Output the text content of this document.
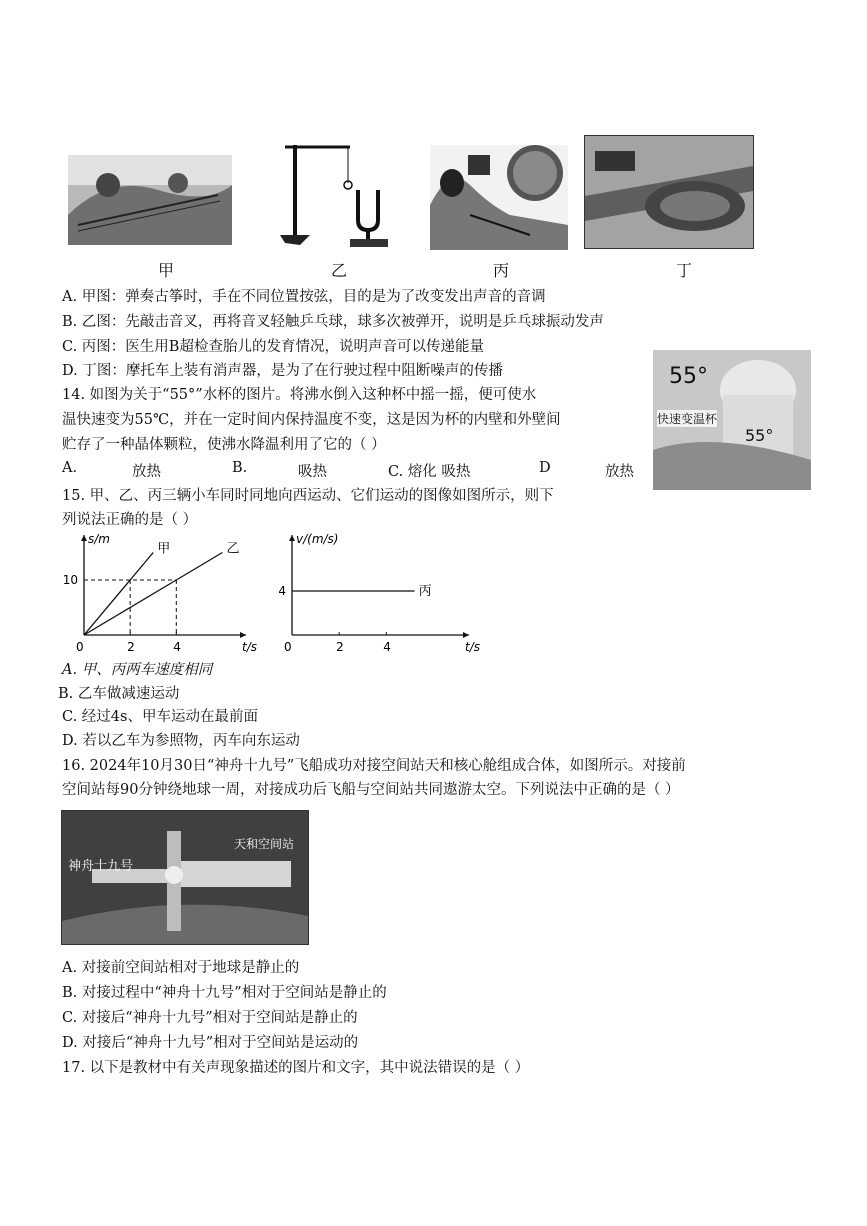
甲	乙	丙	丁
A. 甲图：弹奏古筝时，手在不同位置按弦，目的是为了改变发出声音的音调
B. 乙图：先敲击音叉，再将音叉轻触乒乓球，球多次被弹开，说明是乒乓球振动发声
C. 丙图：医生用B超检查胎儿的发育情况，说明声音可以传递能量
D. 丁图：摩托车上装有消声器，是为了在行驶过程中阻断噪声的传播
14. 如图为关于“55°”水杯的图片。将沸水倒入这种杯中摇一摇，便可使水
温快速变为55℃，并在一定时间内保持温度不变，这是因为杯的内壁和外壁间
贮存了一种晶体颗粒，使沸水降温利用了它的（ ）
55°
快速变温杯
55°
A.	放热	B.	吸热	C. 熔化 吸热	D	放热
15. 甲、乙、丙三辆小车同时同地向西运动、它们运动的图像如图所示，则下
列说法正确的是（ ）
t/s
s/m
0	2	4
10
甲	乙
t/s
v/(m/s)
0	2	4
4	丙
A. 甲、丙两车速度相同
B. 乙车做减速运动
C. 经过4s、甲车运动在最前面
D. 若以乙车为参照物，丙车向东运动
16. 2024年10月30日“神舟十九号”飞船成功对接空间站天和核心舱组成合体，如图所示。对接前
空间站每90分钟绕地球一周，对接成功后飞船与空间站共同遨游太空。下列说法中正确的是（ ）
神舟十九号
天和空间站
A. 对接前空间站相对于地球是静止的
B. 对接过程中“神舟十九号”相对于空间站是静止的
C. 对接后“神舟十九号”相对于空间站是静止的
D. 对接后“神舟十九号”相对于空间站是运动的
17. 以下是教材中有关声现象描述的图片和文字，其中说法错误的是（ ）
